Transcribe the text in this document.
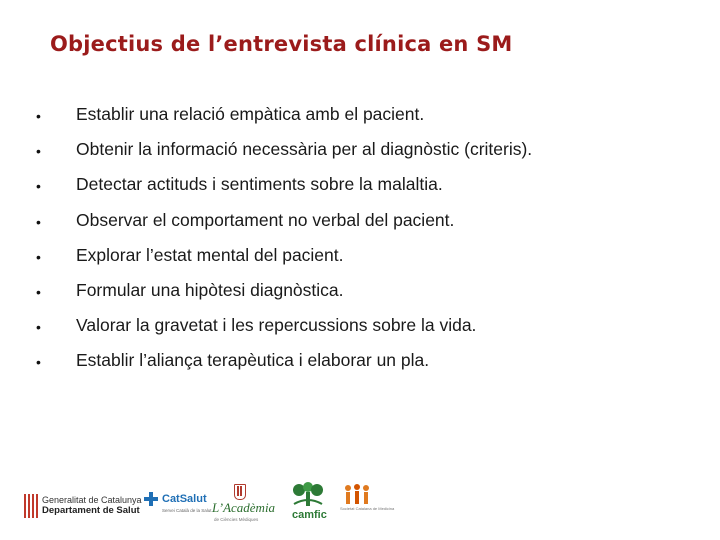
Objectius de l’entrevista clínica en SM
• Establir una relació empàtica amb el pacient.
• Obtenir la informació necessària per al diagnòstic (criteris).
• Detectar actituds i sentiments sobre la malaltia.
• Observar el comportament no verbal del pacient.
• Explorar l’estat mental del pacient.
• Formular una hipòtesi diagnòstica.
• Valorar la gravetat i les repercussions sobre la vida.
• Establir l’aliança terapèutica i elaborar un pla.
Generalitat de Catalunya
Departament de Salut
CatSalut
Servei Català de la Salut L’Acadèmia
de Ciències Mèdiques	camfic
Societat Catalana de Medicina
